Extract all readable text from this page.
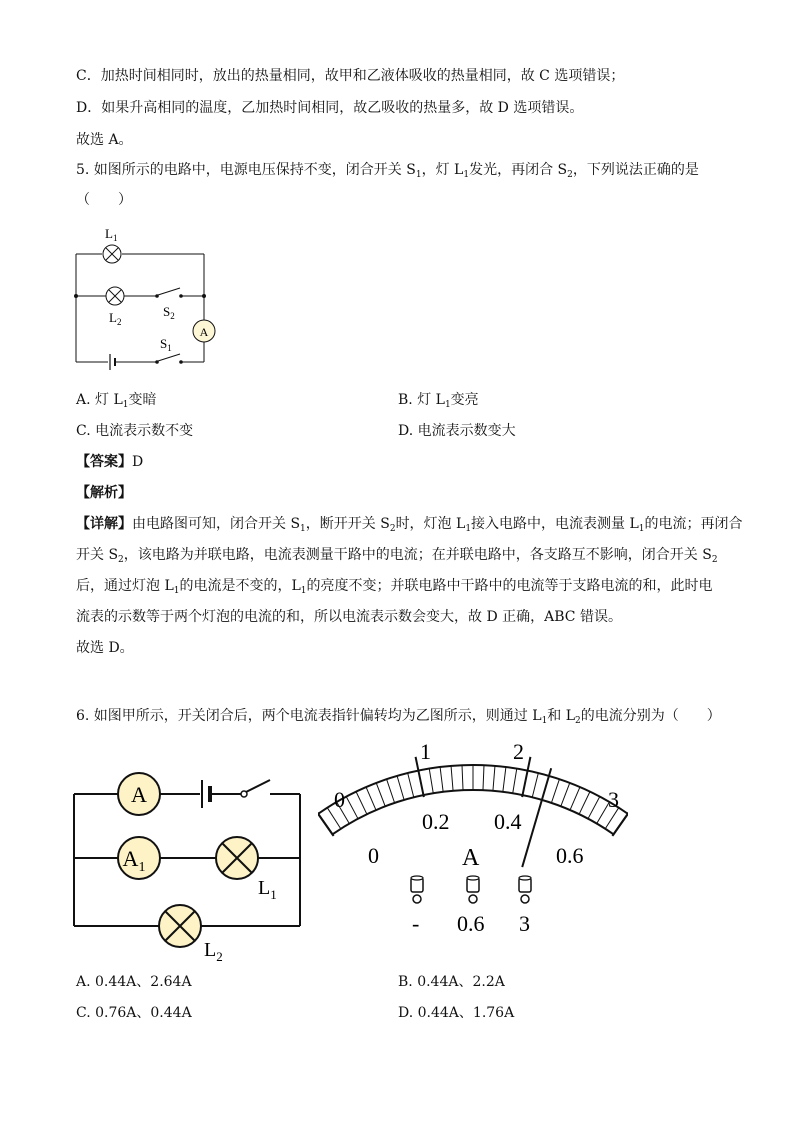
C．加热时间相同时，放出的热量相同，故甲和乙液体吸收的热量相同，故 C 选项错误；
D．如果升高相同的温度，乙加热时间相同，故乙吸收的热量多，故 D 选项错误。
故选 A。
5. 如图所示的电路中，电源电压保持不变，闭合开关 $S_1$，灯 $L_1$发光，再闭合 $S_2$，下列说法正确的是
（　　）
$L_1$
$L_2$
$S_2$
$S_1$
A
A. 灯 $L_1$变暗	B. 灯 $L_1$变亮
C. 电流表示数不变	D. 电流表示数变大
【答案】D
【解析】
【详解】由电路图可知，闭合开关 $S_1$，断开开关 $S_2$时，灯泡 $L_1$接入电路中，电流表测量 $L_1$的电流；再闭合
开关 $S_2$，该电路为并联电路，电流表测量干路中的电流；在并联电路中，各支路互不影响，闭合开关 $S_2$
后，通过灯泡 $L_1$的电流是不变的，$L_1$的亮度不变；并联电路中干路中的电流等于支路电流的和，此时电
流表的示数等于两个灯泡的电流的和，所以电流表示数会变大，故 D 正确，ABC 错误。
故选 D。
6. 如图甲所示，开关闭合后，两个电流表指针偏转均为乙图所示，则通过 $L_1$和 $L_2$的电流分别为（　　）
A
$A_1$
$L_1$
$L_2$
0
1	2
3
0
0.2 0.4
0.6
A
- 0.6 3
A. 0.44A、2.64A	B. 0.44A、2.2A
C. 0.76A、0.44A	D. 0.44A、1.76A
